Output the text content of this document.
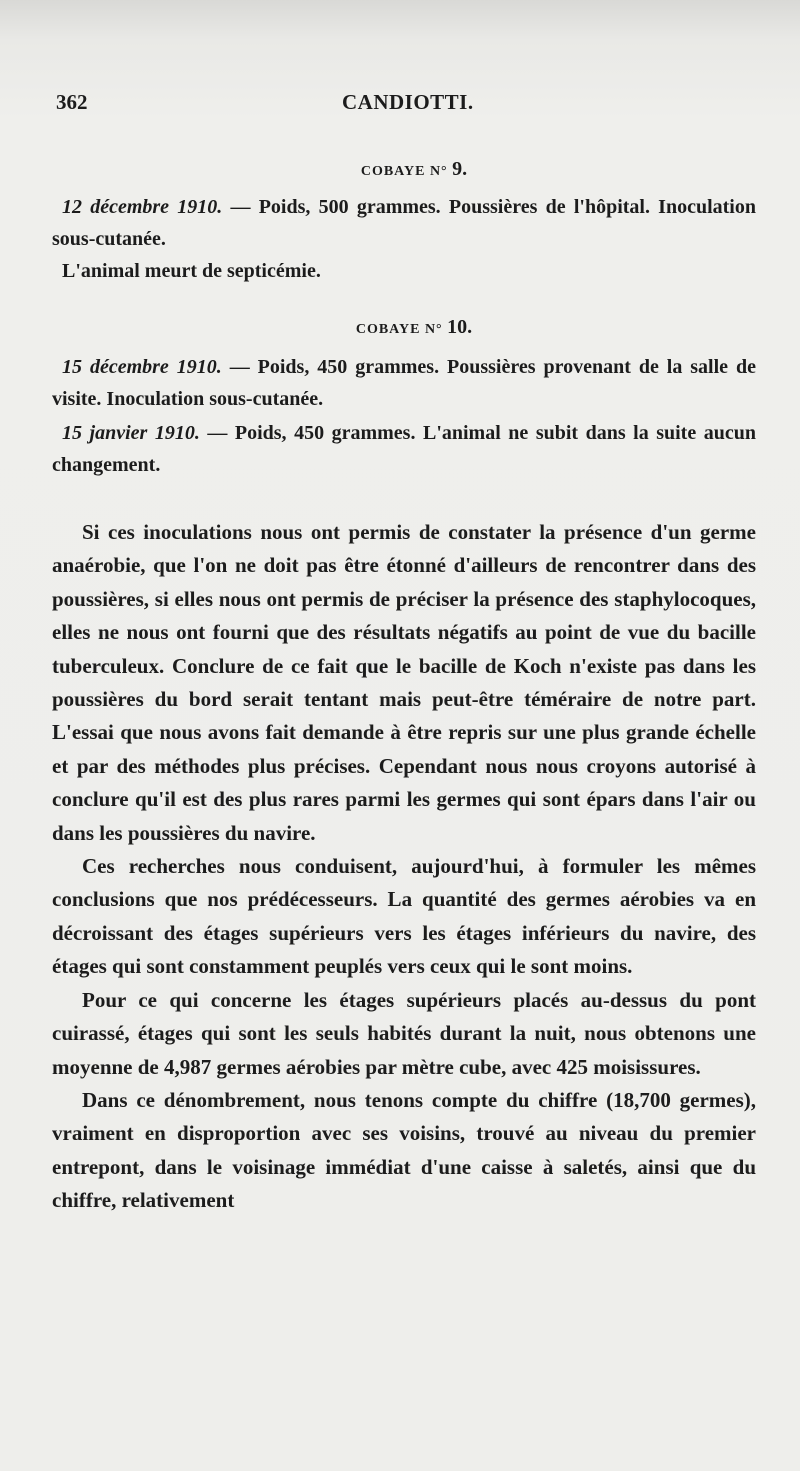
362	CANDIOTTI.
COBAYE N° 9.
12 décembre 1910. — Poids, 500 grammes. Poussières de l'hôpital. Inoculation sous-cutanée.
L'animal meurt de septicémie.
COBAYE N° 10.
15 décembre 1910. — Poids, 450 grammes. Poussières provenant de la salle de visite. Inoculation sous-cutanée.
15 janvier 1910. — Poids, 450 grammes. L'animal ne subit dans la suite aucun changement.

Si ces inoculations nous ont permis de constater la présence d'un germe anaérobie, que l'on ne doit pas être étonné d'ailleurs de rencontrer dans des poussières, si elles nous ont permis de préciser la présence des staphylocoques, elles ne nous ont fourni que des résultats négatifs au point de vue du bacille tuberculeux. Conclure de ce fait que le bacille de Koch n'existe pas dans les poussières du bord serait tentant mais peut-être téméraire de notre part. L'essai que nous avons fait demande à être repris sur une plus grande échelle et par des méthodes plus précises. Cependant nous nous croyons autorisé à conclure qu'il est des plus rares parmi les germes qui sont épars dans l'air ou dans les poussières du navire.

Ces recherches nous conduisent, aujourd'hui, à formuler les mêmes conclusions que nos prédécesseurs. La quantité des germes aérobies va en décroissant des étages supérieurs vers les étages inférieurs du navire, des étages qui sont constamment peuplés vers ceux qui le sont moins.

Pour ce qui concerne les étages supérieurs placés au-dessus du pont cuirassé, étages qui sont les seuls habités durant la nuit, nous obtenons une moyenne de 4,987 germes aérobies par mètre cube, avec 425 moisissures.

Dans ce dénombrement, nous tenons compte du chiffre (18,700 germes), vraiment en disproportion avec ses voisins, trouvé au niveau du premier entrepont, dans le voisinage immédiat d'une caisse à saletés, ainsi que du chiffre, relativement
